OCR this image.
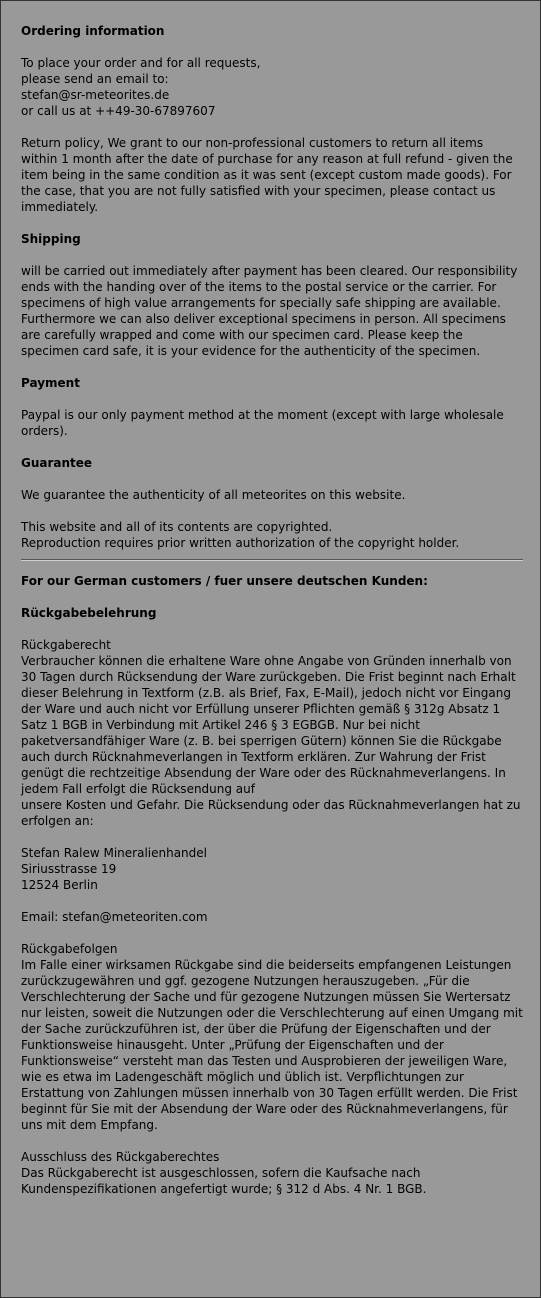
Ordering information

To place your order and for all requests,
please send an email to:
stefan@sr-meteorites.de
or call us at ++49-30-67897607

Return policy, We grant to our non-professional customers to return all items within 1 month after the date of purchase for any reason at full refund - given the item being in the same condition as it was sent (except custom made goods). For the case, that you are not fully satisfied with your specimen, please contact us immediately.

Shipping

will be carried out immediately after payment has been cleared. Our responsibility ends with the handing over of the items to the postal service or the carrier. For specimens of high value arrangements for specially safe shipping are available. Furthermore we can also deliver exceptional specimens in person. All specimens are carefully wrapped and come with our specimen card. Please keep the specimen card safe, it is your evidence for the authenticity of the specimen.

Payment

Paypal is our only payment method at the moment (except with large wholesale orders).

Guarantee

We guarantee the authenticity of all meteorites on this website.

This website and all of its contents are copyrighted.
Reproduction requires prior written authorization of the copyright holder.

For our German customers / fuer unsere deutschen Kunden:

Rückgabebelehrung

Rückgaberecht

Verbraucher können die erhaltene Ware ohne Angabe von Gründen innerhalb von 30 Tagen durch Rücksendung der Ware zurückgeben. Die Frist beginnt nach Erhalt dieser Belehrung in Textform (z.B. als Brief, Fax, E-Mail), jedoch nicht vor Eingang der Ware und auch nicht vor Erfüllung unserer Pflichten gemäß § 312g Absatz 1 Satz 1 BGB in Verbindung mit Artikel 246 § 3 EGBGB. Nur bei nicht paketversandfähiger Ware (z. B. bei sperrigen Gütern) können Sie die Rückgabe auch durch Rücknahmeverlangen in Textform erklären. Zur Wahrung der Frist genügt die rechtzeitige Absendung der Ware oder des Rücknahmeverlangens. In jedem Fall erfolgt die Rücksendung auf
unsere Kosten und Gefahr. Die Rücksendung oder das Rücknahmeverlangen hat zu erfolgen an:

Stefan Ralew Mineralienhandel
Siriusstrasse 19
12524 Berlin

Email: stefan@meteoriten.com

Rückgabefolgen

Im Falle einer wirksamen Rückgabe sind die beiderseits empfangenen Leistungen zurückzugewähren und ggf. gezogene Nutzungen herauszugeben. „Für die Verschlechterung der Sache und für gezogene Nutzungen müssen Sie Wertersatz nur leisten, soweit die Nutzungen oder die Verschlechterung auf einen Umgang mit der Sache zurückzuführen ist, der über die Prüfung der Eigenschaften und der Funktionsweise hinausgeht. Unter „Prüfung der Eigenschaften und der
Funktionsweise“ versteht man das Testen und Ausprobieren der jeweiligen Ware, wie es etwa im Ladengeschäft möglich und üblich ist. Verpflichtungen zur Erstattung von Zahlungen müssen innerhalb von 30 Tagen erfüllt werden. Die Frist beginnt für Sie mit der Absendung der Ware oder des Rücknahmeverlangens, für uns mit dem Empfang.

Ausschluss des Rückgaberechtes

Das Rückgaberecht ist ausgeschlossen, sofern die Kaufsache nach Kundenspezifikationen angefertigt wurde; § 312 d Abs. 4 Nr. 1 BGB.
